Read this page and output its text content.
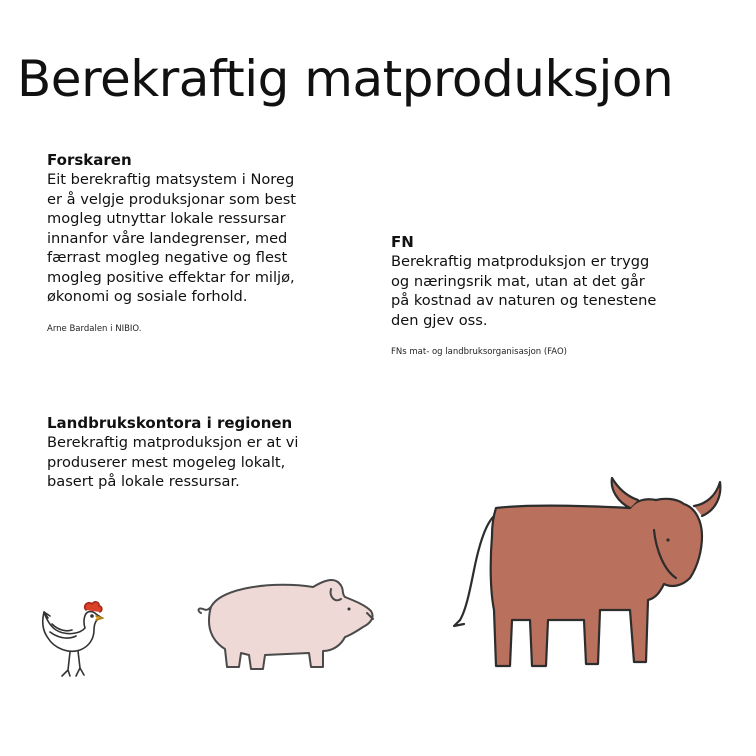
Berekraftig matproduksjon
Forskaren

Eit berekraftig matsystem i Noreg
er å velgje produksjonar som best
mogleg utnyttar lokale ressursar
innanfor våre landegrenser, med
færrast mogleg negative og flest
mogleg positive effektar for miljø,
økonomi og sosiale forhold.

Arne Bardalen i NIBIO.

FN

Berekraftig matproduksjon er trygg
og næringsrik mat, utan at det går
på kostnad av naturen og tenestene
den gjev oss.

FNs mat- og landbruksorganisasjon (FAO)

Landbrukskontora i regionen

Berekraftig matproduksjon er at vi
produserer mest mogeleg lokalt,
basert på lokale ressursar.
